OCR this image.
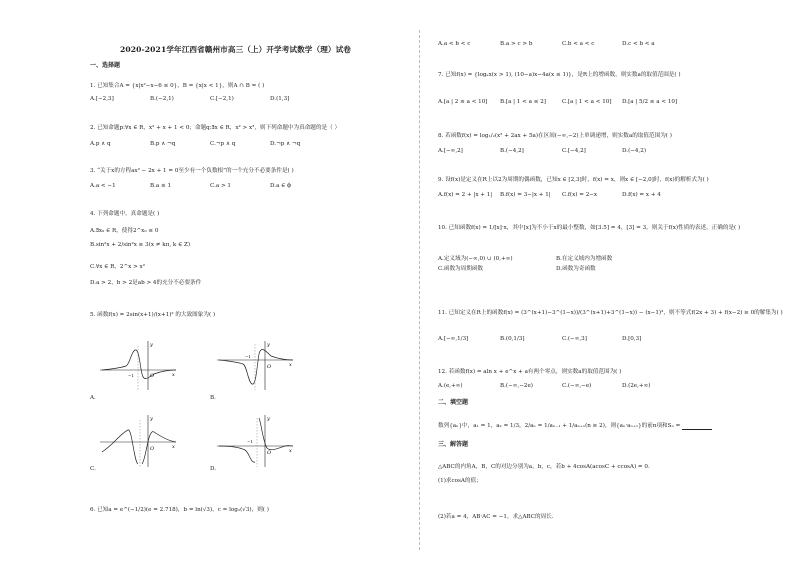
2020-2021学年江西省赣州市高三（上）开学考试数学（理）试卷
一、选择题
1. 已知集合A = {x|x²−x−6 ≤ 0}，B = {x|x < 1}，则A ∩ B = ( )
A.[−2,3]	B.(−2,1)	C.[−2,1)	D.(1,3]
2. 已知命题p:∀x ∈ R，x² + x + 1 < 0；命题q:∃x ∈ R，x² > x³，则下列命题中为真命题的是（ ）
A.p ∧ q	B.p ∧ ¬q	C.¬p ∧ q	D.¬p ∧ ¬q
3. “关于x的方程ax² − 2x + 1 = 0至少有一个负数根”的一个充分不必要条件是( )
A.a < −1	B.a ≤ 1	C.a > 1	D.a ∈ ϕ
4. 下列命题中，真命题是( )
A.∃x₀ ∈ R，使得2^x₀ ≤ 0
B.sin²x + 2/sin²x ≥ 3(x ≠ kπ, k ∈ Z)
C.∀x ∈ R，2^x > x²
D.a > 2，b > 2是ab > 4的充分不必要条件
5. 函数f(x) = 2sin(x+1)/(x+1)² 的大致图象为( )
x
y
O
−1
A.
x
y
O
−1
B.
x
y
O
C.
x
y
O
−1
D.
6. 已知a = e^(−1/2)(e = 2.718)，b = ln(√3)，c = log₂(√3)，则( )
A.a < b < c	B.a > c > b	C.b < a < c	D.c < b < a
7. 已知f(x) = {logₐx(x > 1), (10−a)x−4a(x ≤ 1)}，是R上的增函数，则实数a的取值范围是( )
A.[a | 2 ≤ a < 10] B.[a | 1 < a ≤ 2]	C.[a | 1 < a < 10] D.[a | 5/2 ≤ a < 10]
8. 若函数f(x) = log₁/₂(x² + 2ax + 5a)在区间(−∞,−2)上单调递增，则实数a的取值范围为( )
A.[−∞,2]	B.(−4,2]	C.[−4,2]	D.(−4,2)
9. 设f(x)是定义在R上以2为周期的偶函数，已知x ∈ [2,3]时，f(x) = x，则x ∈ [−2,0]时，f(x)的解析式为( )
A.f(x) = 2 + |x + 1| B.f(x) = 3−|x + 1| C.f(x) = 2−x	D.f(x) = x + 4
10. 已知函数f(x) = 1/[x]·x，其中[x]为不小于x的最小整数，如[3.5] = 4，[3] = 3，则关于f(x)性质的表述，正确的是( )
A.定义域为(−∞,0) ∪ (0,+∞)	B.在定义域内为增函数
C.函数为周期函数	D.函数为奇函数
11. 已知定义在R上的函数f(x) = (3^(x+1)−3^(1−x))/(3^(x+1)+3^(1−x)) − (x−1)³，则不等式f(2x + 3) + f(x−2) ≥ 0的解集为( )
A.[−∞,1/3]	B.(0,1/3]	C.(−∞,3]	D.[0,3]
12. 若函数f(x) = aln x + e^x + a有两个零点，则实数a的取值范围为( )
A.(e,+∞)	B.(−∞,−2e)	C.(−∞,−e)	D.(2e,+∞)
二、填空题
数列{aₙ}中，a₁ = 1，a₂ = 1/3，2/aₙ = 1/aₙ₋₁ + 1/aₙ₊₁(n ≥ 2)，则{aₙ·aₙ₊₁}的前n项和Sₙ =
三、解答题
△ABC的内角A，B，C的对边分别为a，b，c，若b + 4cosA(acosC + ccosA) = 0.
(1)求cosA的值；
(2)若a = 4，AB·AC = −1，求△ABC的周长.
